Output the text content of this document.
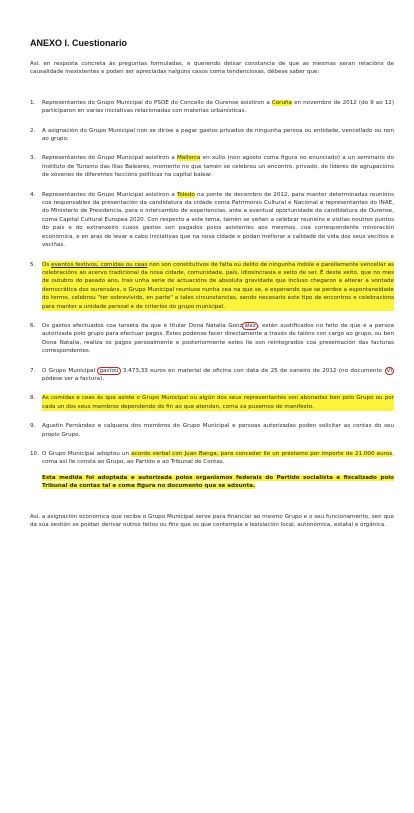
ANEXO I. Cuestionario

Así, en resposta concreta ás preguntas formuladas, e querendo deixar constancia de que as mesmas xeran relacións de causalidade inexistentes e poden ser apreciadas nalgúns casos coma tendenciosas, débese saber que:

1.	Representantes do Grupo Municipal do PSOE do Concello de Ourense asistiron a Coruña en novembro de 2012 (do 9 ao 12) participaron en varias iniciativas relacionadas con materias urbanísticas.
2.	A asignación do Grupo Municipal non se dirixe a pagar gastos privados de ningunha persoa ou entidade, vencellado ou non ao grupo.
3.	Representantes do Grupo Municipal asistiron a Mallorca en xullo (non agosto coma figura no enunciado) a un seminario do Instituto de Turismo das Illas Baleares, momento no que tamén se celebrou un encontro, privado, de líderes de agrupacións de xóvenes de diferentes faccións políticas na capital balear.
4.	Representantes do Grupo Municipal asistiron a Toledo na ponte de decembro de 2012, para manter determinadas reunións cos responsables da presentación da candidatura da cidade coma Patrimonio Cultural e Nacional e representantes do INAE, do Ministerio de Presidencia, para o intercambio de experiencias, ante a eventual oportunidade da candidatura de Ourense, coma Capital Cultural Europea 2020. Con respecto a este tema, tamén se veñen a celebrar reunións e visitas noutros puntos do país e do extranxeiro cuxos gastos son pagados polos asistentes aos mesmos, coa correspondente minoración económica, e en aras de levar a cabo iniciativas que na nosa cidade e podan mellorar a calidade de vida dos seus veciños e veciñas.
5.	Os eventos festivos, comidas ou ceas non son constitutivos de falta ou delito de ningunha índole e parellamente vencellar as celebracións ao acervo tradicional da nosa cidade, comunidade, país, idiosincrasia e xeito de ser. É deste xeito, que no mes de outubro do pasado ano, tras unha serie de actuacións de absoluta gravidade que incluso chegaron a alterar a vontade democrática dos ourensáns, o Grupo Municipal reuniuse nunha cea na que se, e esperando que se perdoe a espontaneidade do termo, celebrou "ter sobrevivido, en parte" a tales circunstancias, sendo necesario este tipo de encontros e celebracións para manter a unidade persoal e de criterios do grupo municipal.
6.	Os gastos efectuados coa tarxeta da que é titular Dona Natalia Gonz ález , están xustificados no feito de que é a persoa autorizada polo grupo para efectuar pagos. Estes pódense facer directamente a través de talóns con cargo ao grupo, ou ben Dona Natalia, realiza os pagos persoalmente e posteriormente estes lle son reintegrados coa presentación das facturas correspondentes.
7.	O Grupo Municipal gastou 3.473,33 euros en material de oficina con data de 25 de xaneiro de 2012 (no documento VI pódese ver a factura).
8.	As comidas e ceas ás que asiste o Grupo Municipal ou algún dos seus representantes son abonadas ben polo Grupo ou por cada un dos seus membros dependendo do fin ao que atendan, coma xa puxemos de manifesto.
9.	Agustín Fernández e calquera dos membros do Grupo Municipal e persoas autorizadas poden solicitar as contas do seu propio Grupo.
10. O Grupo Municipal adoptou un acordo verbal con Juan Banga, para conceder lle un préstamo por importe de 21.000 euros, coma así lle consta ao Grupo, ao Partido e ao Tribunal de Contas.

Esta medida foi adoptada e autorizada polos organismos federais do Partido socialista e fiscalizado polo Tribunal de contas tal e coma figura no documento que se adxunta.

Así, a asignación económica que recibe o Grupo Municipal serve para financiar ao mesmo Grupo e o seu funcionamento, sen que da súa xestión se poidan derivar outros feitos ou fins que os que contempla a lexislación local, autonómica, estatal e orgánica.
